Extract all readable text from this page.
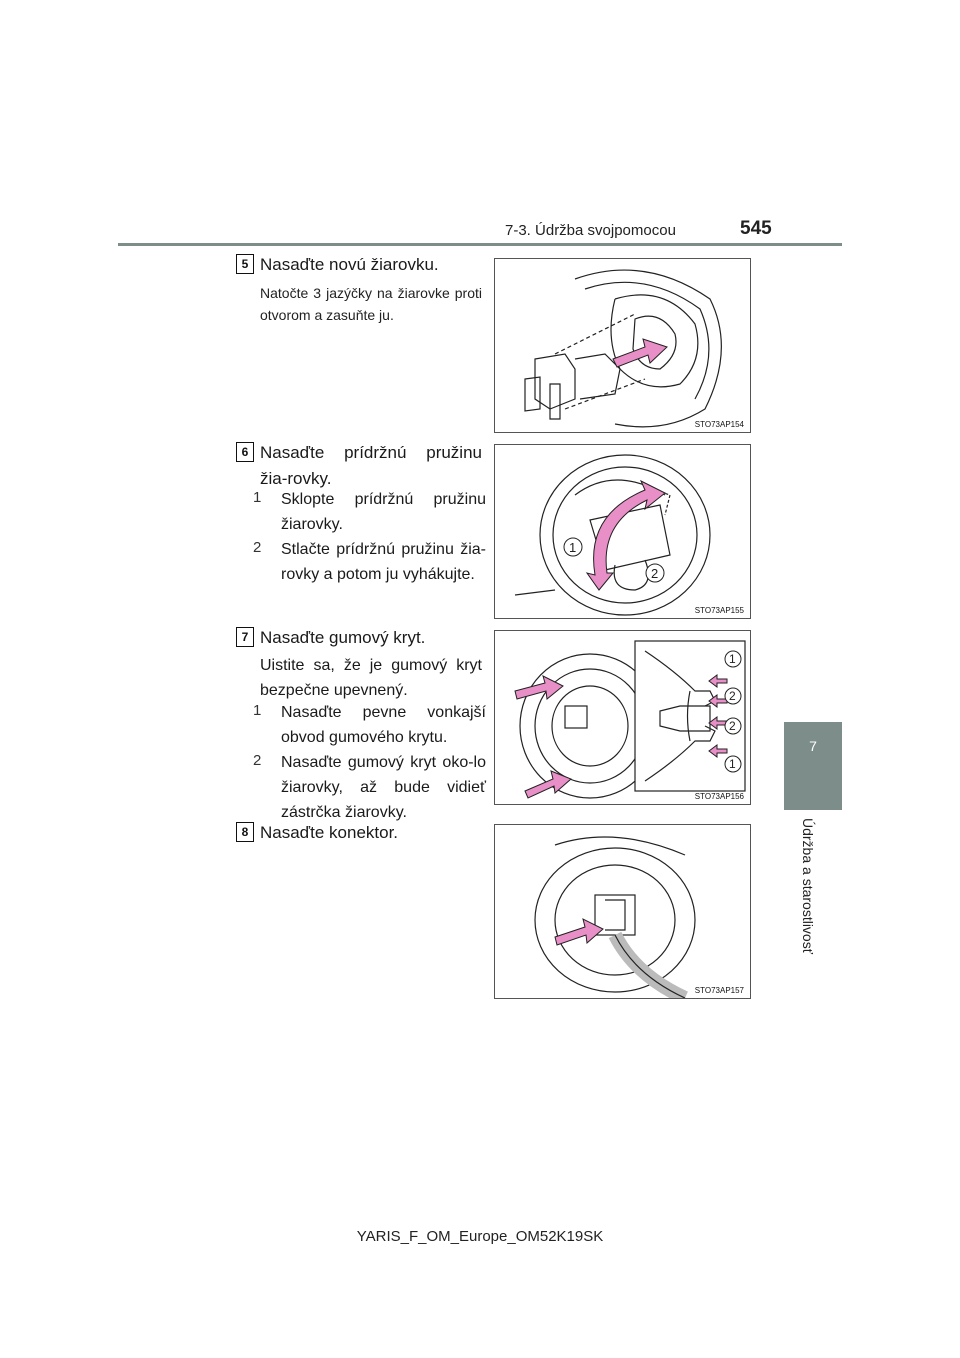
7-3. Údržba svojpomocou	545
7
Údržba a starostlivosť
5 Nasaďte novú žiarovku.
Natočte 3 jazýčky na žiarovke proti otvorom a zasuňte ju.
STO73AP154
6 Nasaďte prídržnú pružinu žia-rovky.
1 Sklopte prídržnú pružinu žiarovky.
2 Stlačte prídržnú pružinu žia-rovky a potom ju vyhákujte.
1
2
STO73AP155
7 Nasaďte gumový kryt.
Uistite sa, že je gumový kryt bezpečne upevnený.
1 Nasaďte pevne vonkajší obvod gumového krytu.
2 Nasaďte gumový kryt oko-lo žiarovky, až bude vidieť zástrčka žiarovky.
1
2
2
1
STO73AP156
8 Nasaďte konektor.
STO73AP157
YARIS_F_OM_Europe_OM52K19SK
